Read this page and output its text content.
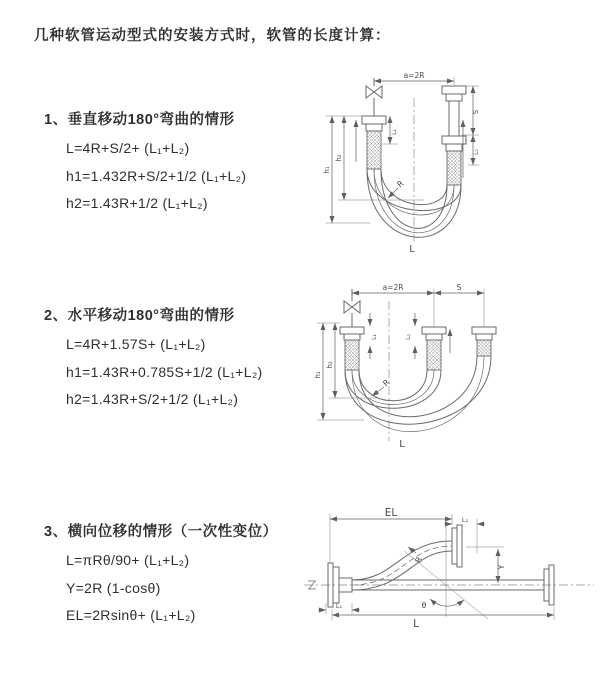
几种软管运动型式的安装方式时，软管的长度计算：
1、垂直移动180°弯曲的情形
L=4R+S/2+ (L₁+L₂)
h1=1.432R+S/2+1/2 (L₁+L₂)
h2=1.43R+1/2 (L₁+L₂)
2、水平移动180°弯曲的情形
L=4R+1.57S+ (L₁+L₂)
h1=1.43R+0.785S+1/2 (L₁+L₂)
h2=1.43R+S/2+1/2 (L₁+L₂)
3、横向位移的情形（一次性变位）
L=πRθ/90+ (L₁+L₂)
Y=2R (1-cosθ)
EL=2Rsinθ+ (L₁+L₂)
a=2R
h₁
h₂
L₁
S
L₂
R
L
a=2R	S
L₁	L₂
h₁
h₂
R
L
EL
L₂
Y
θ
R
L₁
L
